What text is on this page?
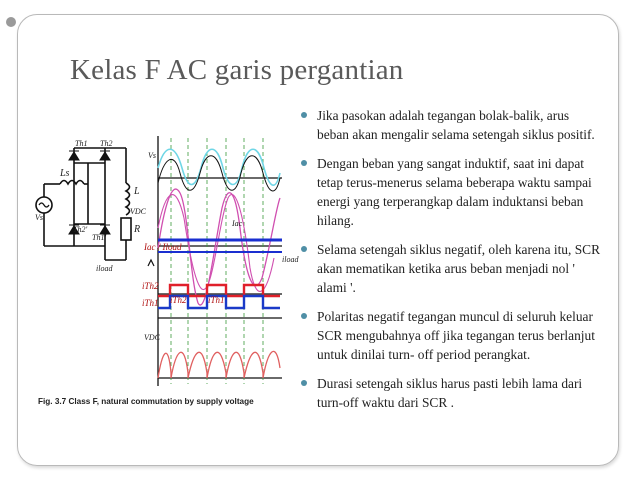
Kelas F AC garis pergantian
Vs
Ls
Th1 Th2
Th2'
Th1'
L
VDC
R
iload
Vs
Iac
Iac / Iload
iload
iTh2
iTh1 iTh2 iTh1
VDC
Fig. 3.7 Class F, natural commutation by supply voltage
Jika pasokan adalah tegangan bolak-balik, arus beban akan mengalir selama setengah siklus positif.
Dengan beban yang sangat induktif, saat ini dapat tetap terus-menerus selama beberapa waktu sampai energi yang terperangkap dalam induktansi beban hilang.
Selama setengah siklus negatif, oleh karena itu, SCR akan mematikan ketika arus beban menjadi nol ' alami '.
Polaritas negatif tegangan muncul di seluruh keluar SCR mengubahnya off jika tegangan terus berlanjut untuk dinilai turn- off period perangkat.
Durasi setengah siklus harus pasti lebih lama dari turn-off waktu dari SCR .
